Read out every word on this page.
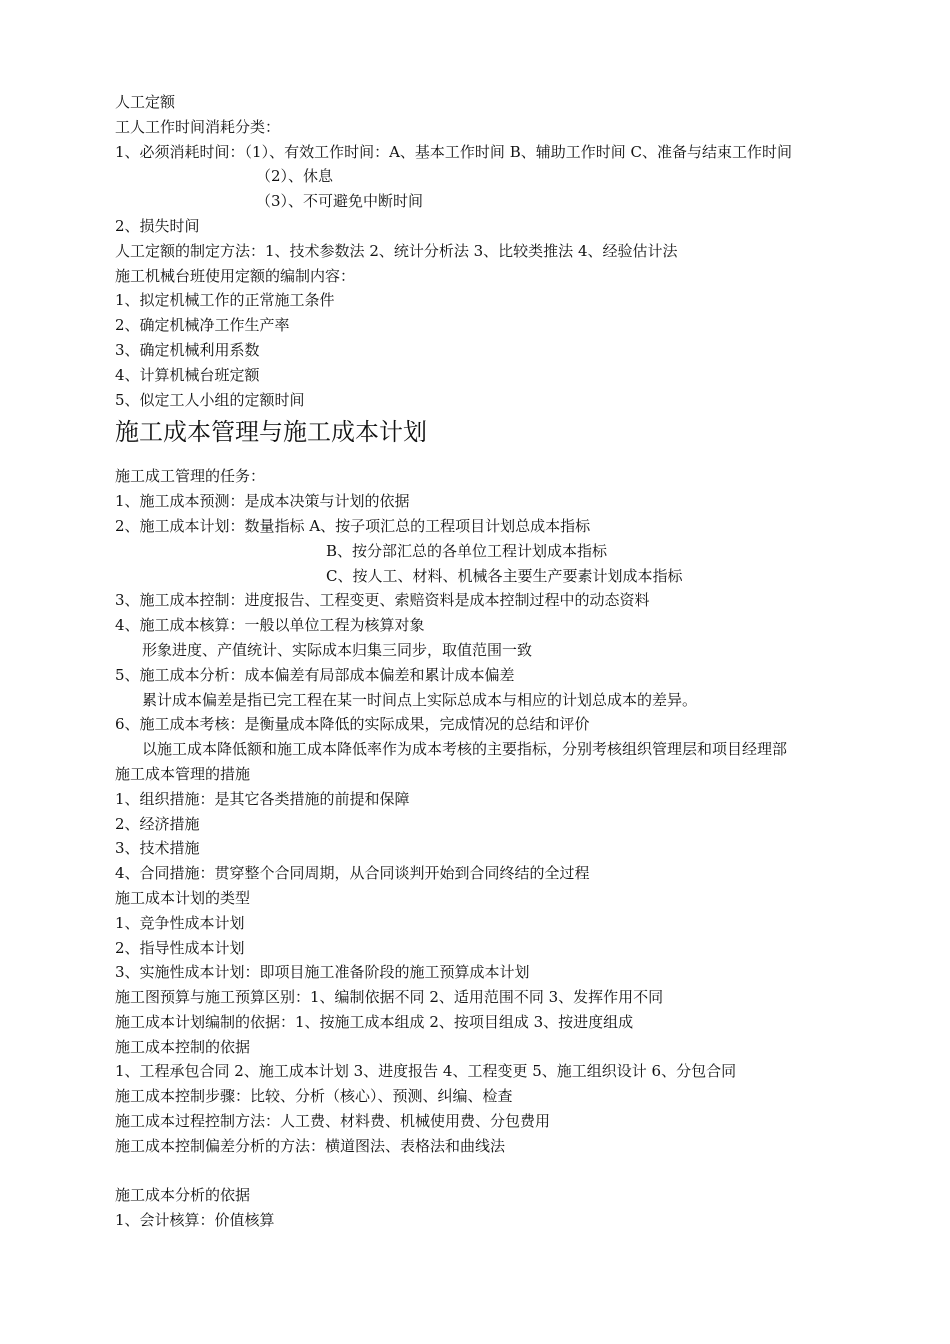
人工定额
工人工作时间消耗分类：
1、必须消耗时间：（1）、有效工作时间：A、基本工作时间 B、辅助工作时间 C、准备与结束工作时间
（2）、休息
（3）、不可避免中断时间
2、损失时间
人工定额的制定方法：1、技术参数法 2、统计分析法 3、比较类推法 4、经验估计法
施工机械台班使用定额的编制内容：
1、拟定机械工作的正常施工条件
2、确定机械净工作生产率
3、确定机械利用系数
4、计算机械台班定额
5、似定工人小组的定额时间
施工成本管理与施工成本计划
施工成工管理的任务：
1、施工成本预测：是成本决策与计划的依据
2、施工成本计划：数量指标 A、按子项汇总的工程项目计划总成本指标
B、按分部汇总的各单位工程计划成本指标
C、按人工、材料、机械各主要生产要素计划成本指标
3、施工成本控制：进度报告、工程变更、索赔资料是成本控制过程中的动态资料
4、施工成本核算：一般以单位工程为核算对象
形象进度、产值统计、实际成本归集三同步，取值范围一致
5、施工成本分析：成本偏差有局部成本偏差和累计成本偏差
累计成本偏差是指已完工程在某一时间点上实际总成本与相应的计划总成本的差异。
6、施工成本考核：是衡量成本降低的实际成果，完成情况的总结和评价
以施工成本降低额和施工成本降低率作为成本考核的主要指标，分别考核组织管理层和项目经理部
施工成本管理的措施
1、组织措施：是其它各类措施的前提和保障
2、经济措施
3、技术措施
4、合同措施：贯穿整个合同周期，从合同谈判开始到合同终结的全过程
施工成本计划的类型
1、竞争性成本计划
2、指导性成本计划
3、实施性成本计划：即项目施工准备阶段的施工预算成本计划
施工图预算与施工预算区别：1、编制依据不同 2、适用范围不同 3、发挥作用不同
施工成本计划编制的依据：1、按施工成本组成 2、按项目组成 3、按进度组成
施工成本控制的依据
1、工程承包合同 2、施工成本计划 3、进度报告 4、工程变更 5、施工组织设计 6、分包合同
施工成本控制步骤：比较、分析（核心）、预测、纠编、检查
施工成本过程控制方法：人工费、材料费、机械使用费、分包费用
施工成本控制偏差分析的方法：横道图法、表格法和曲线法
施工成本分析的依据
1、会计核算：价值核算
